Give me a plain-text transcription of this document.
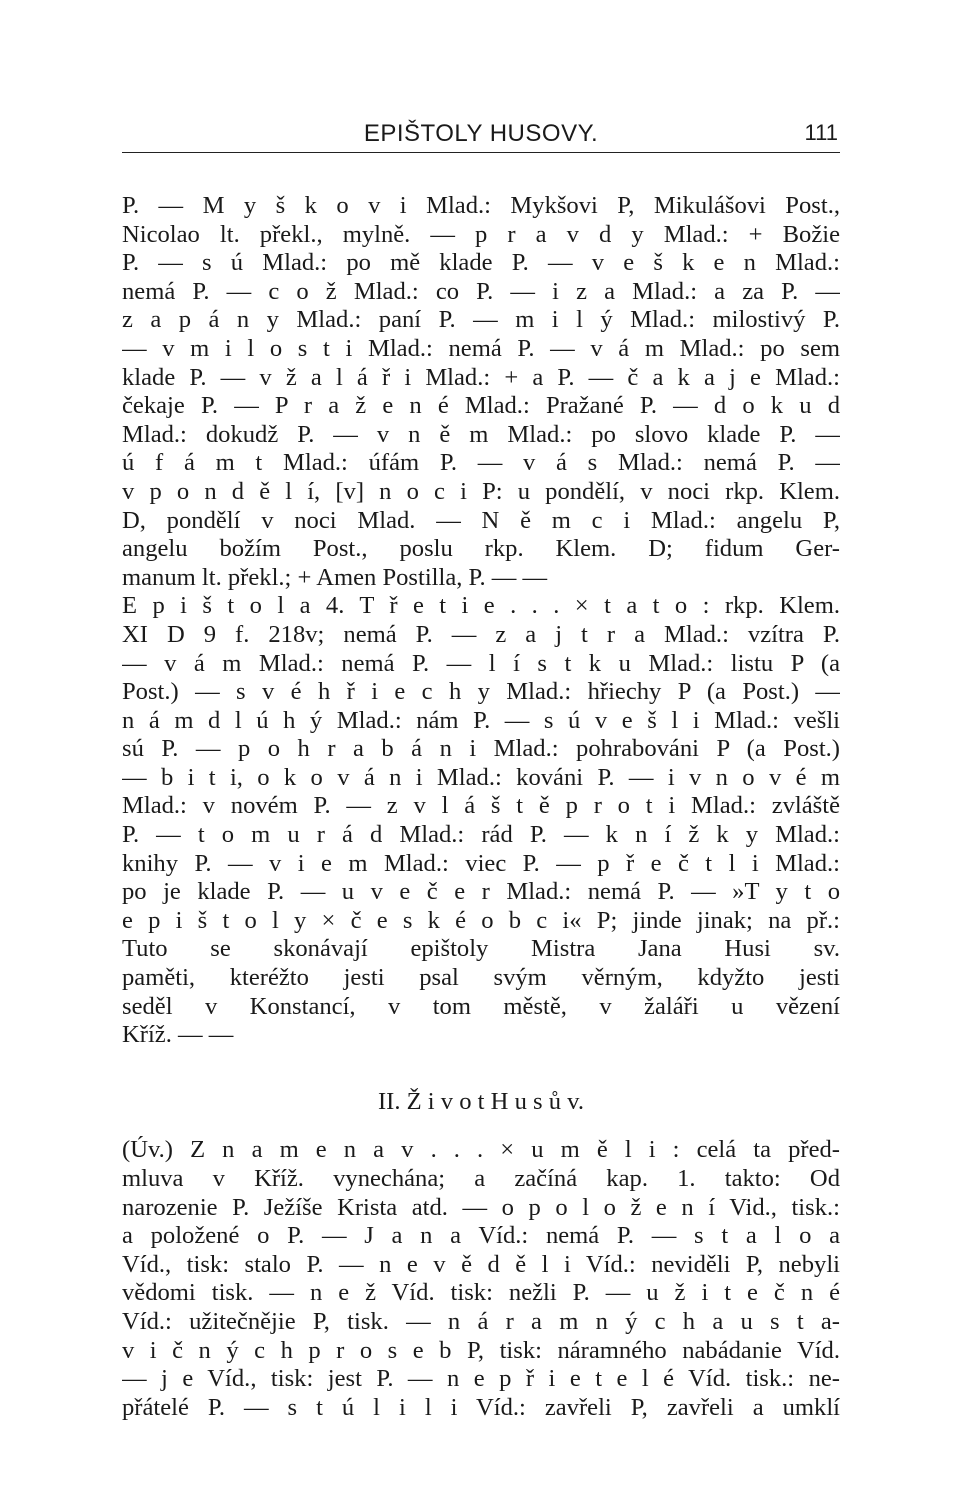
EPIŠTOLY HUSOVY.	111
P. — M y š k o v i Mlad.: Mykšovi P, Mikulášovi Post.,
Nicolao lt. překl., mylně. — p r a v d y Mlad.: + Božie
P. — s ú Mlad.: po mě klade P. — v e š k e n Mlad.:
nemá P. — c o ž Mlad.: co P. — i z a Mlad.: a za P. —
z a p á n y Mlad.: paní P. — m i l ý Mlad.: milostivý P.
— v m i l o s t i Mlad.: nemá P. — v á m Mlad.: po sem
klade P. — v ž a l á ř i Mlad.: + a P. — č a k a j e Mlad.:
čekaje P. — P r a ž e n é Mlad.: Pražané P. — d o k u d
Mlad.: dokudž P. — v n ě m Mlad.: po slovo klade P. —
ú f á m t Mlad.: úfám P. — v á s Mlad.: nemá P. —
v p o n d ě l í, [v] n o c i P: u pondělí, v noci rkp. Klem.
D, pondělí v noci Mlad. — N ě m c i Mlad.: angelu P,
angelu božím Post., poslu rkp. Klem. D; fidum Ger-
manum lt. překl.; + Amen Postilla, P. — —
E p i š t o l a 4. T ř e t i e . . . × t a t o : rkp. Klem.
XI D 9 f. 218v; nemá P. — z a j t r a Mlad.: vzítra P.
— v á m Mlad.: nemá P. — l í s t k u Mlad.: listu P (a
Post.) — s v é h ř i e c h y Mlad.: hřiechy P (a Post.) —
n á m d l ú h ý Mlad.: nám P. — s ú v e š l i Mlad.: vešli
sú P. — p o h r a b á n i Mlad.: pohrabováni P (a Post.)
— b i t i, o k o v á n i Mlad.: kováni P. — i v n o v é m
Mlad.: v novém P. — z v l á š t ě p r o t i Mlad.: zvláště
P. — t o m u r á d Mlad.: rád P. — k n í ž k y Mlad.:
knihy P. — v i e m Mlad.: viec P. — p ř e č t l i Mlad.:
po je klade P. — u v e č e r Mlad.: nemá P. — »T y t o
e p i š t o l y × č e s k é o b c i« P; jinde jinak; na př.:
Tuto se skonávají epištoly Mistra Jana Husi sv.
paměti, kteréžto jesti psal svým věrným, kdyžto jesti
seděl v Konstancí, v tom městě, v žaláři u vězení
Kříž. — —
II. Ž i v o t H u s ů v.
(Úv.) Z n a m e n a v . . . × u m ě l i : celá ta před-
mluva v Kříž. vynechána; a začíná kap. 1. takto: Od
narozenie P. Ježíše Krista atd. — o p o l o ž e n í Vid., tisk.:
a položené o P. — J a n a Víd.: nemá P. — s t a l o a
Víd., tisk: stalo P. — n e v ě d ě l i Víd.: neviděli P, nebyli
vědomi tisk. — n e ž Víd. tisk: nežli P. — u ž i t e č n é
Víd.: užitečnějie P, tisk. — n á r a m n ý c h a u s t a-
v i č n ý c h p r o s e b P, tisk: náramného nabádanie Víd.
— j e Víd., tisk: jest P. — n e p ř i e t e l é Víd. tisk.: ne-
přátelé P. — s t ú l i l i Víd.: zavřeli P, zavřeli a umklí
